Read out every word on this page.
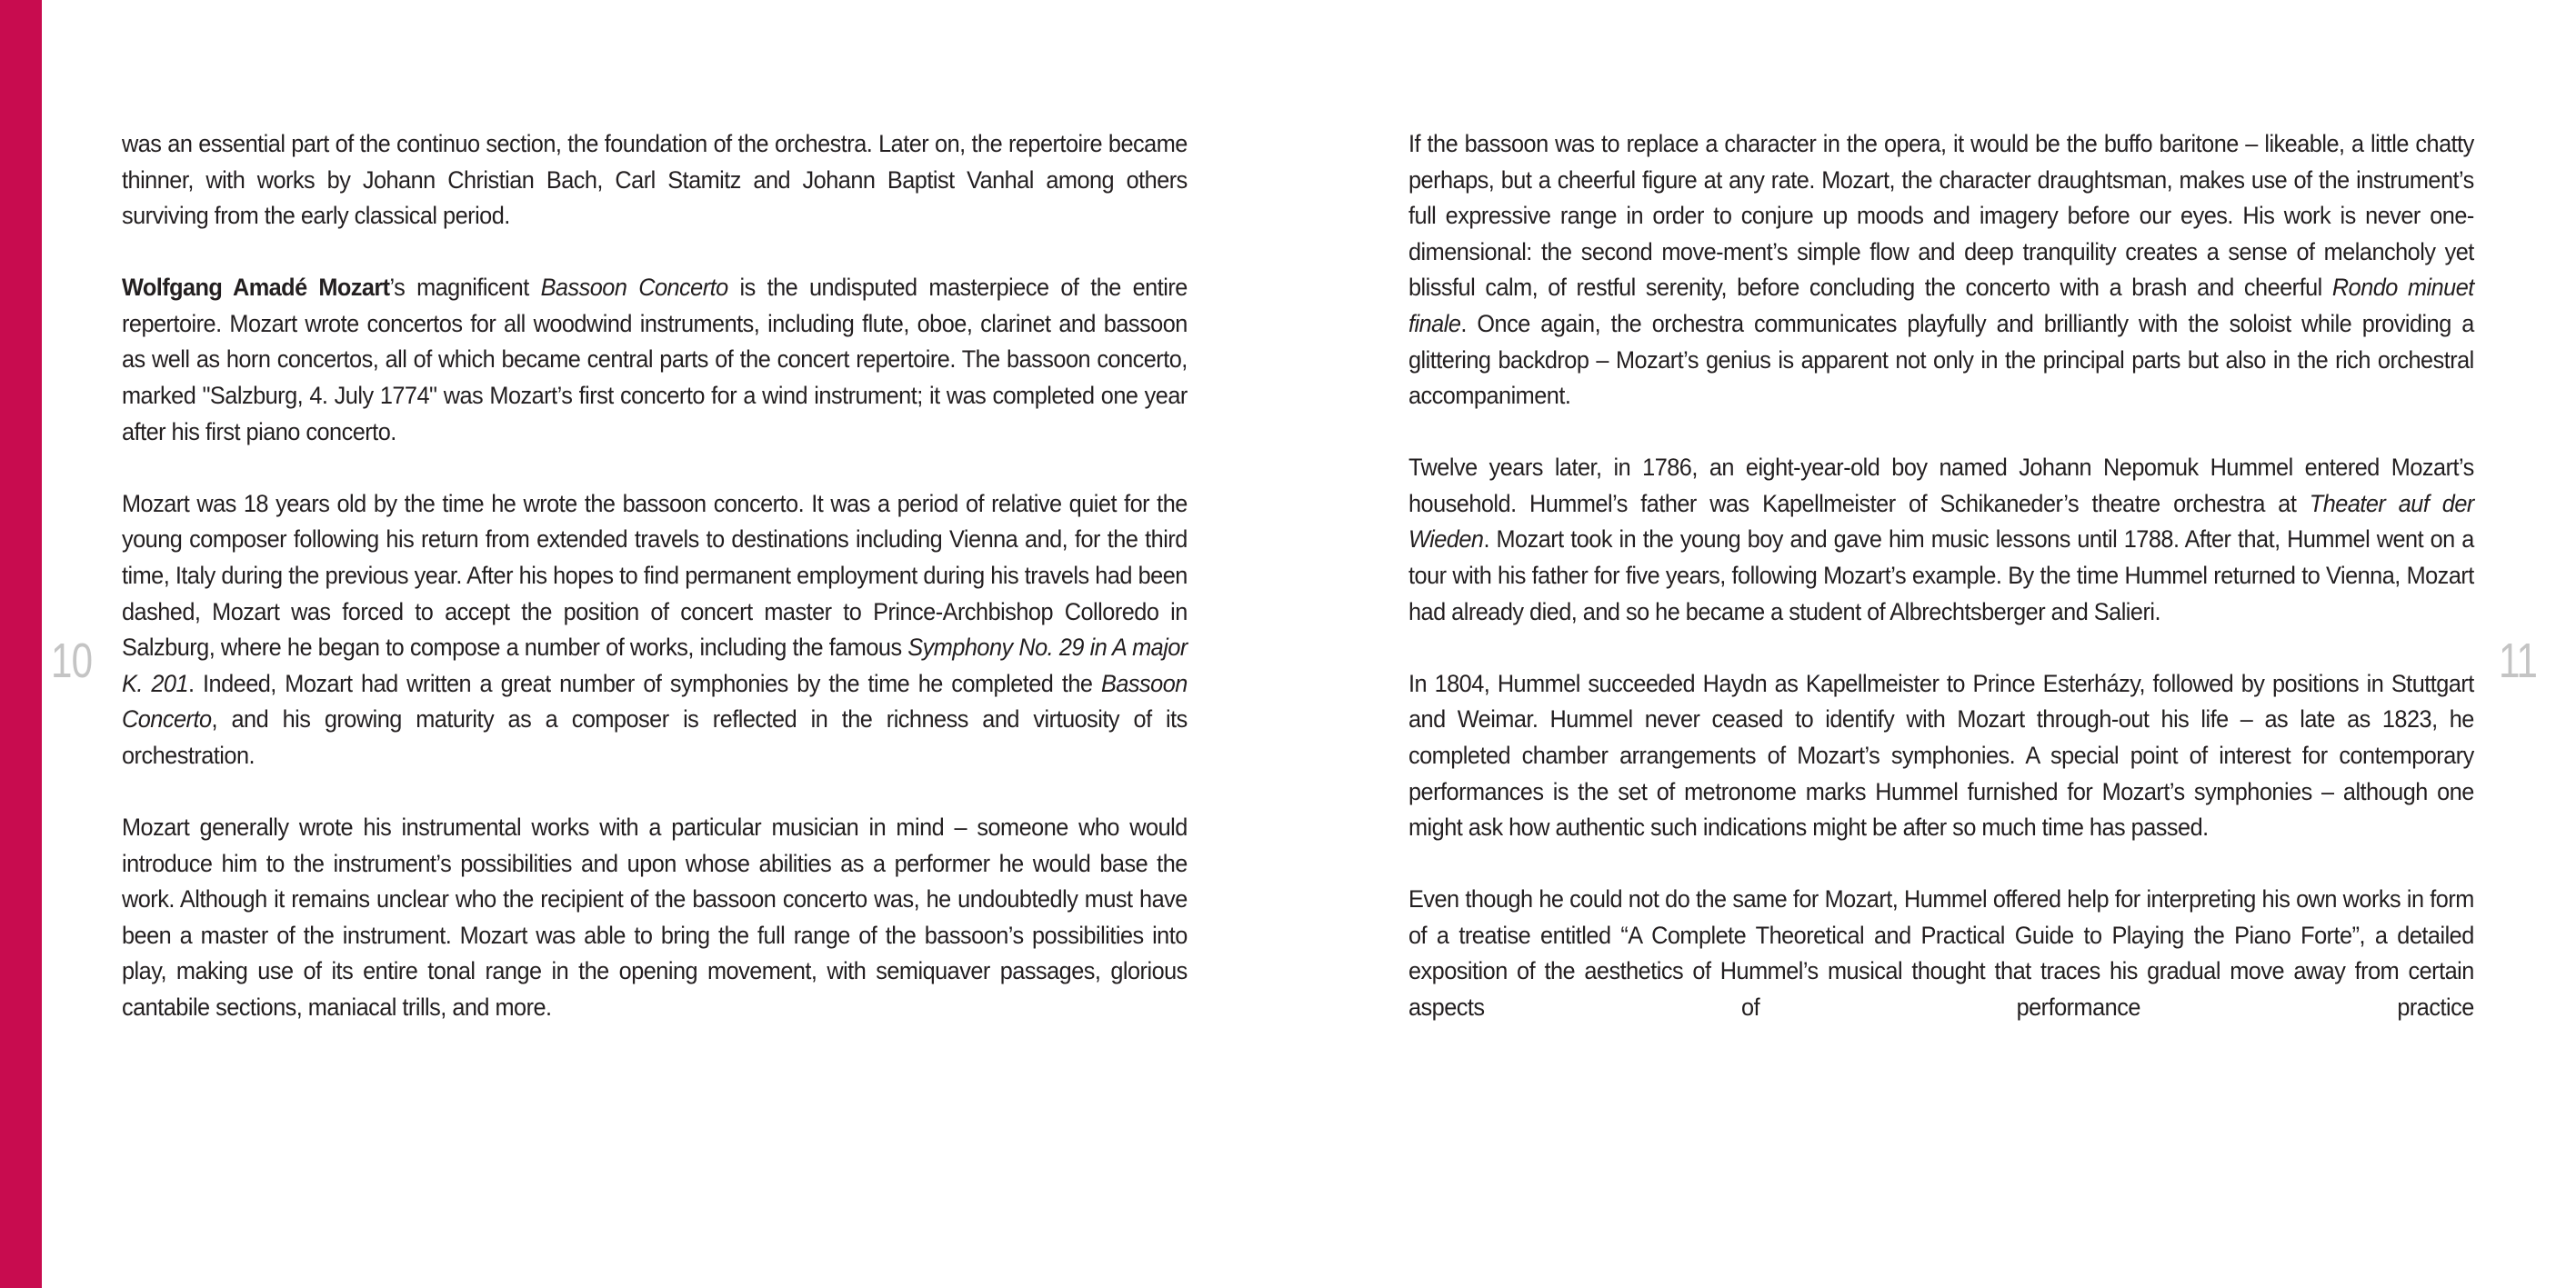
10	11

was an essential part of the continuo section, the foundation of the orchestra. Later on, the repertoire became thinner, with works by Johann Christian Bach, Carl Stamitz and Johann Baptist Vanhal among others surviving from the early classical period.

Wolfgang Amadé Mozart’s magnificent Bassoon Concerto is the undisputed masterpiece of the entire repertoire. Mozart wrote concertos for all woodwind instruments, including flute, oboe, clarinet and bassoon as well as horn concertos, all of which became central parts of the concert repertoire. The bassoon concerto, marked "Salzburg, 4. July 1774" was Mozart’s first concerto for a wind instrument; it was completed one year after his first piano concerto.

Mozart was 18 years old by the time he wrote the bassoon concerto. It was a period of relative quiet for the young composer following his return from extended travels to destinations including Vienna and, for the third time, Italy during the previous year. After his hopes to find permanent employment during his travels had been dashed, Mozart was forced to accept the position of concert master to Prince-Archbishop Colloredo in Salzburg, where he began to compose a number of works, including the famous Symphony No. 29 in A major K. 201. Indeed, Mozart had written a great number of symphonies by the time he completed the Bassoon Concerto, and his growing maturity as a composer is reflected in the richness and virtuosity of its orchestration.

Mozart generally wrote his instrumental works with a particular musician in mind – someone who would introduce him to the instrument’s possibilities and upon whose abilities as a performer he would base the work. Although it remains unclear who the recipient of the bassoon concerto was, he undoubtedly must have been a master of the instrument. Mozart was able to bring the full range of the bassoon’s possibilities into play, making use of its entire tonal range in the opening movement, with semiquaver passages, glorious cantabile sections, maniacal trills, and more.

If the bassoon was to replace a character in the opera, it would be the buffo baritone – likeable, a little chatty perhaps, but a cheerful figure at any rate. Mozart, the character draughtsman, makes use of the instrument’s full expressive range in order to conjure up moods and imagery before our eyes. His work is never one-dimensional: the second move-ment’s simple flow and deep tranquility creates a sense of melancholy yet blissful calm, of restful serenity, before concluding the concerto with a brash and cheerful Rondo minuet finale. Once again, the orchestra communicates playfully and brilliantly with the soloist while providing a glittering backdrop – Mozart’s genius is apparent not only in the principal parts but also in the rich orchestral accompaniment.

Twelve years later, in 1786, an eight-year-old boy named Johann Nepomuk Hummel entered Mozart’s household. Hummel’s father was Kapellmeister of Schikaneder’s theatre orchestra at Theater auf der Wieden. Mozart took in the young boy and gave him music lessons until 1788. After that, Hummel went on a tour with his father for five years, following Mozart’s example. By the time Hummel returned to Vienna, Mozart had already died, and so he became a student of Albrechtsberger and Salieri.

In 1804, Hummel succeeded Haydn as Kapellmeister to Prince Esterházy, followed by positions in Stuttgart and Weimar. Hummel never ceased to identify with Mozart through-out his life – as late as 1823, he completed chamber arrangements of Mozart’s symphonies. A special point of interest for contemporary performances is the set of metronome marks Hummel furnished for Mozart’s symphonies – although one might ask how authentic such indications might be after so much time has passed.

Even though he could not do the same for Mozart, Hummel offered help for interpreting his own works in form of a treatise entitled “A Complete Theoretical and Practical Guide to Playing the Piano Forte”, a detailed exposition of the aesthetics of Hummel’s musical thought that traces his gradual move away from certain aspects of performance practice
